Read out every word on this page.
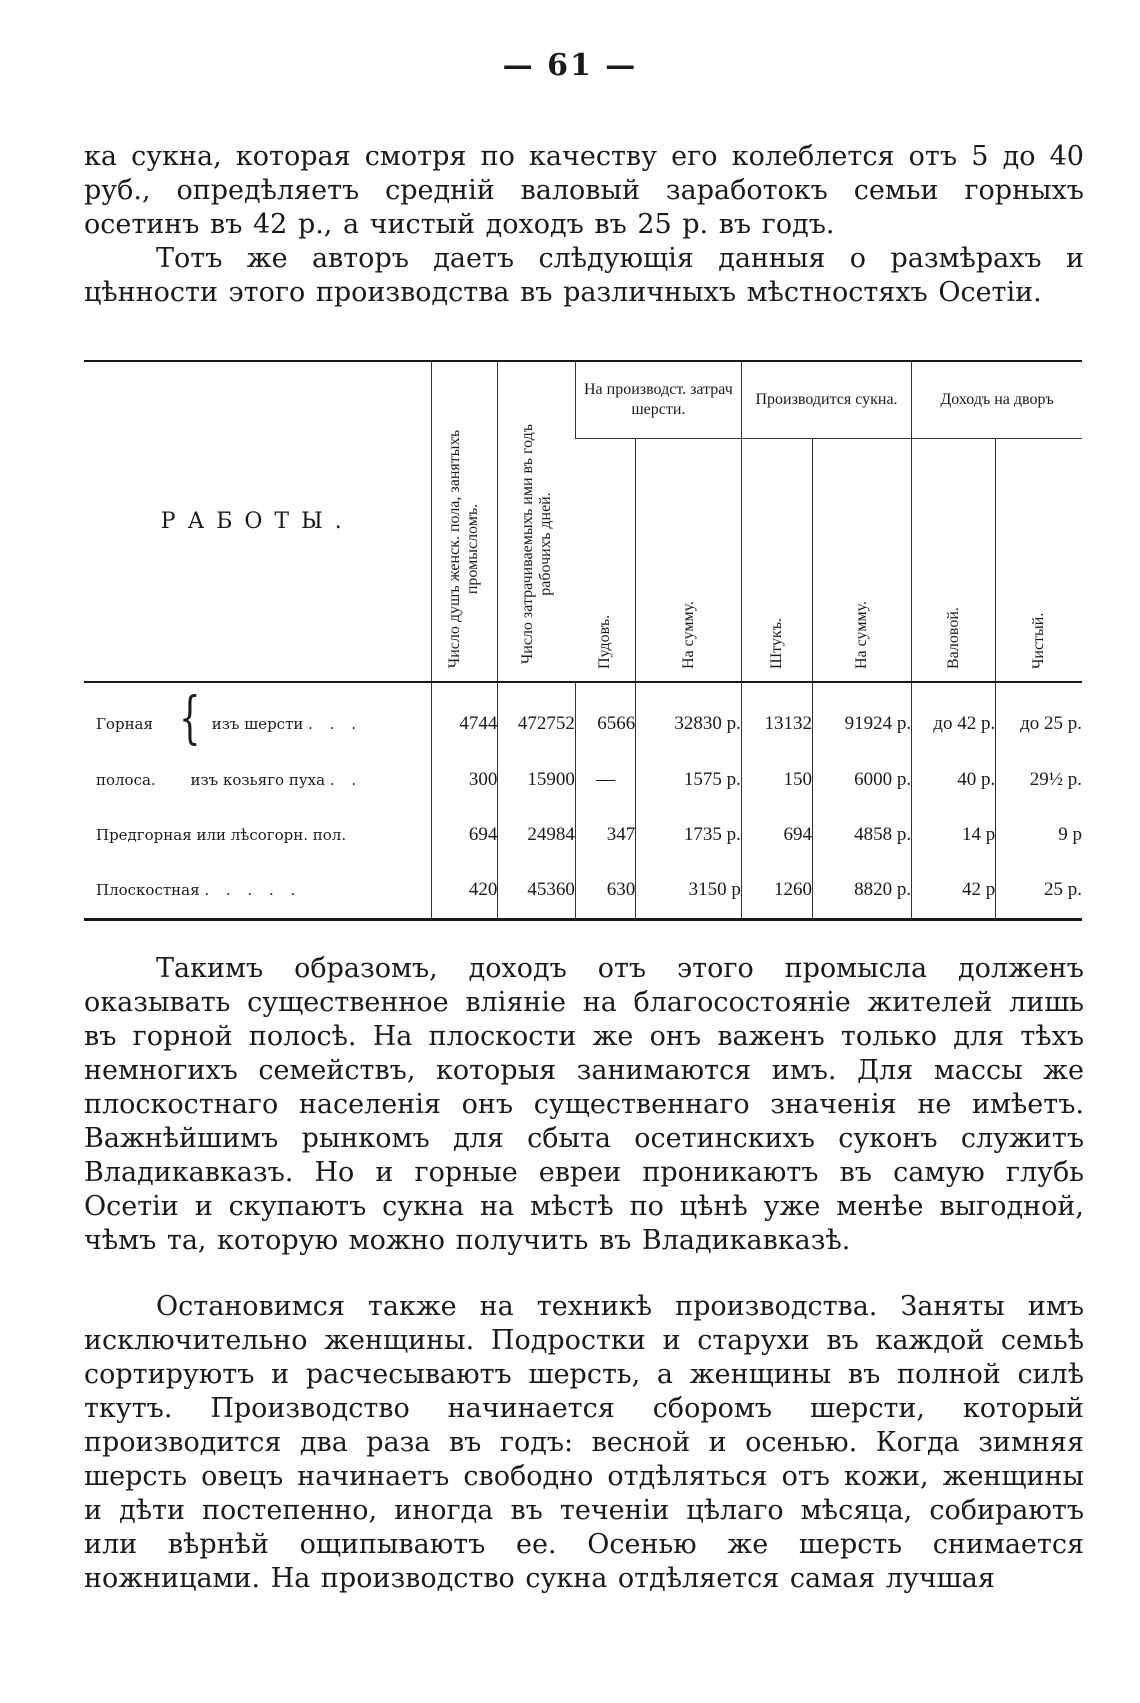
— 61 —
ка сукна, которая смотря по качеству его колеблется отъ 5 до 40 руб., опредѣляетъ среднiй валовый заработокъ семьи горныхъ осетинъ въ 42 р., а чистый доходъ въ 25 р. въ годъ.
Тотъ же авторъ даетъ слѣдующiя данныя о размѣрахъ и цѣнности этого производства въ различныхъ мѣстностяхъ Осетiи.
РАБОТЫ.	Число душъ женск. пола, занятыхъ промысломъ.	Число затрачиваемыхъ ими въ годъ рабочихъ дней.	На производст. затрач шерсти.		Производится сукна.		Доходъ на дворъ	

			Пудовъ.	На сумму.	Штукъ.	На сумму.	Валовой.	Чистый.

Горная { изъ шерсти . . .	4744	472752	6566	32830 р.	13132	91924 р.	до 42 р.	до 25 р.
полоса. изъ козьяго пуха . .	300	15900	—	1575 р.	150	6000 р.	40 р.	29½ р.
Предгорная или лѣсогорн. пол.	694	24984	347	1735 р.	694	4858 р.	14 р	9 р
Плоскостная . . . . .	420	45360	630	3150 р	1260	8820 р.	42 р	25 р.
Такимъ образомъ, доходъ отъ этого промысла долженъ оказывать существенное влiянiе на благосостоянiе жителей лишь въ горной полосѣ. На плоскости же онъ важенъ только для тѣхъ немногихъ семействъ, которыя занимаются имъ. Для массы же плоскостнаго населенiя онъ существеннаго значенiя не имѣетъ. Важнѣйшимъ рынкомъ для сбыта осетинскихъ суконъ служитъ Владикавказъ. Но и горные евреи проникаютъ въ самую глубь Осетiи и скупаютъ сукна на мѣстѣ по цѣнѣ уже менѣе выгодной, чѣмъ та, которую можно получить въ Владикавказѣ.
Остановимся также на техникѣ производства. Заняты имъ исключительно женщины. Подростки и старухи въ каждой семьѣ сортируютъ и расчесываютъ шерсть, а женщины въ полной силѣ ткутъ. Производство начинается сборомъ шерсти, который производится два раза въ годъ: весной и осенью. Когда зимняя шерсть овецъ начинаетъ свободно отдѣляться отъ кожи, женщины и дѣти постепенно, иногда въ теченiи цѣлаго мѣсяца, собираютъ или вѣрнѣй ощипываютъ ее. Осенью же шерсть снимается ножницами. На производство сукна отдѣляется самая лучшая
